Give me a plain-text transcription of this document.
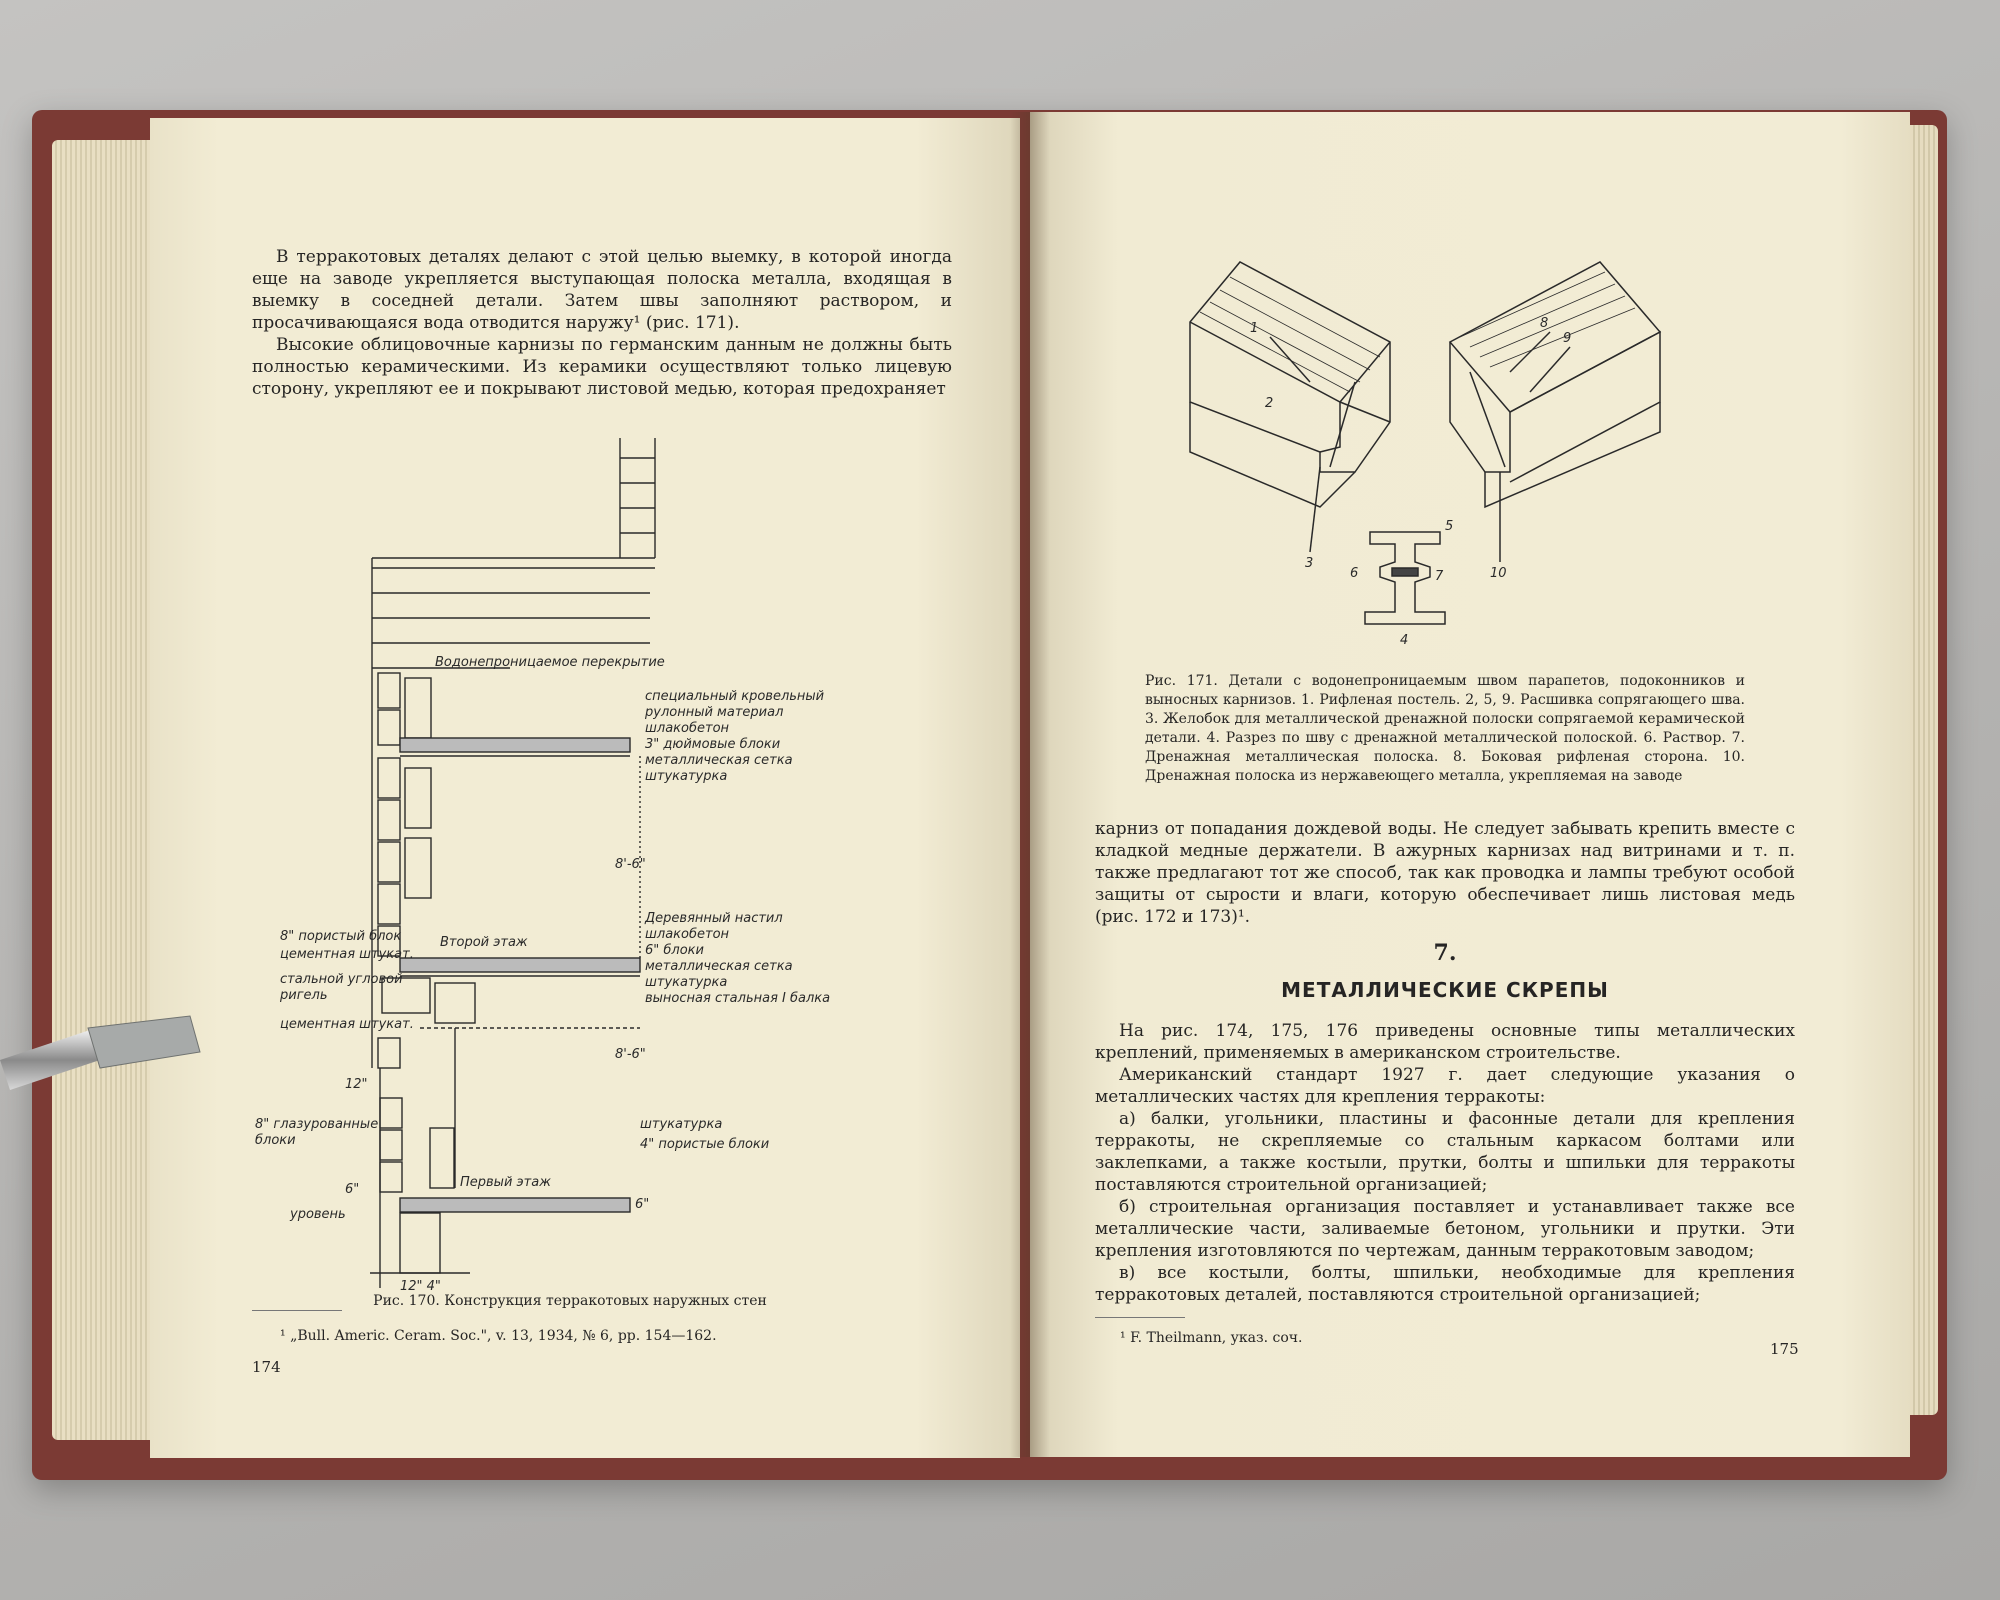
В терракотовых деталях делают с этой целью выемку, в которой иногда еще на заводе укрепляется выступающая полоска металла, входящая в выемку в соседней детали. Затем швы заполняют раствором, и просачивающаяся вода отводится наружу¹ (рис. 171).

Высокие облицовочные карнизы по германским данным не должны быть полностью керамическими. Из керамики осуществляют только лицевую сторону, укрепляют ее и покрывают листовой медью, которая предохраняет

Водонепроницаемое перекрытие
специальный кровельный
рулонный материал
шлакобетон
3" дюймовые блоки
металлическая сетка
штукатурка
8'-6"
Второй этаж
8" пористый блок
цементная штукат.
стальной угловой
ригель
цементная штукат.
Деревянный настил
шлакобетон
6" блоки
металлическая сетка
штукатурка
выносная стальная I балка
8'-6"
12"
6"
8" глазурованные
блоки
уровень
штукатурка
4" пористые блоки
Первый этаж
6"
12" 4"
Рис. 170. Конструкция терракотовых наружных стен
¹ „Bull. Americ. Ceram. Soc.", v. 13, 1934, № 6, pp. 154—162.
174
1
2
3
4
5
6	7
8
9
10
Рис. 171. Детали с водонепроницаемым швом парапетов, подоконников и выносных карнизов. 1. Рифленая постель. 2, 5, 9. Расшивка сопрягающего шва. 3. Желобок для металлической дренажной полоски сопрягаемой керамической детали. 4. Разрез по шву с дренажной металлической полоской. 6. Раствор. 7. Дренажная металлическая полоска. 8. Боковая рифленая сторона. 10. Дренажная полоска из нержавеющего металла, укрепляемая на заводе

карниз от попадания дождевой воды. Не следует забывать крепить вместе с кладкой медные держатели. В ажурных карнизах над витринами и т. п. также предлагают тот же способ, так как проводка и лампы требуют особой защиты от сырости и влаги, которую обеспечивает лишь листовая медь (рис. 172 и 173)¹.

7.
МЕТАЛЛИЧЕСКИЕ СКРЕПЫ

На рис. 174, 175, 176 приведены основные типы металлических креплений, применяемых в американском строительстве.

Американский стандарт 1927 г. дает следующие указания о металлических частях для крепления терракоты:

а) балки, угольники, пластины и фасонные детали для крепления терракоты, не скрепляемые со стальным каркасом болтами или заклепками, а также костыли, прутки, болты и шпильки для терракоты поставляются строительной организацией;

б) строительная организация поставляет и устанавливает также все металлические части, заливаемые бетоном, угольники и прутки. Эти крепления изготовляются по чертежам, данным терракотовым заводом;

в) все костыли, болты, шпильки, необходимые для крепления терракотовых деталей, поставляются строительной организацией;

¹ F. Theilmann, указ. соч.
175
